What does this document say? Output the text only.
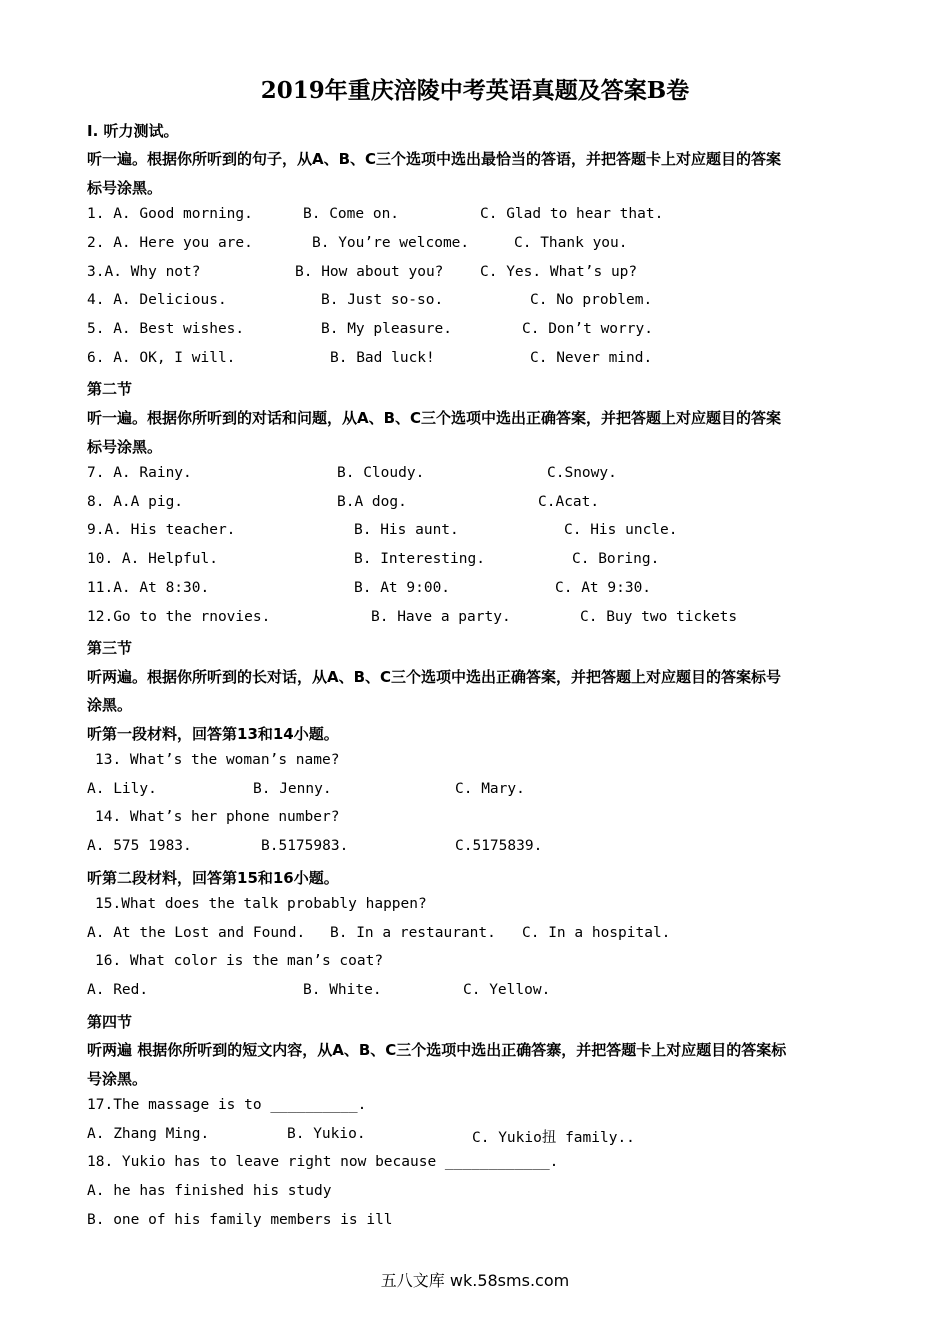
2019年重庆涪陵中考英语真题及答案B卷
I. 听力测试。
听一遍。根据你所听到的句子，从A、B、C三个选项中选出最恰当的答语，并把答题卡上对应题目的答案
标号涂黑。
1. A. Good morning.	B. Come on.	C. Glad to hear that.
2. A. Here you are.	B. You’re welcome.	C. Thank you.
3.A. Why not?	B. How about you?	C. Yes. What’s up?
4. A. Delicious.	B. Just so-so.	C. No problem.
5. A. Best wishes.	B. My pleasure.	C. Don’t worry.
6. A. OK, I will.	B. Bad luck!	C. Never mind.
第二节
听一遍。根据你所听到的对话和问题，从A、B、C三个选项中选出正确答案，并把答题上对应题目的答案
标号涂黑。
7. A. Rainy.	B. Cloudy.	C.Snowy.
8. A.A pig.	B.A dog.	C.Acat.
9.A. His teacher.	B. His aunt.	C. His uncle.
10. A. Helpful.	B. Interesting.	C. Boring.
11.A. At 8:30.	B. At 9:00.	C. At 9:30.
12.Go to the rnovies.	B. Have a party.	C. Buy two tickets
第三节
听两遍。根据你所听到的长对话，从A、B、C三个选项中选出正确答案，并把答题上对应题目的答案标号
涂黑。
听第一段材料，回答第13和14小题。
13. What’s the woman’s name?
A. Lily.	B. Jenny.	C. Mary.
14. What’s her phone number?
A. 575 1983.	B.5175983.	C.5175839.
听第二段材料，回答第15和16小题。
15.What does the talk probably happen?
A. At the Lost and Found. B. In a restaurant. C. In a hospital.
16. What color is the man’s coat?
A. Red.	B. White.	C. Yellow.
第四节
听两遍 根据你所听到的短文内容，从A、B、C三个选项中选出正确答寨，并把答题卡上对应题目的答案标
号涂黑。
17.The massage is to __________.
A. Zhang Ming.	B. Yukio.	C. Yukio扭 family..
18. Yukio has to leave right now because ____________.
A. he has finished his study
B. one of his family members is ill
五八文库 wk.58sms.com
